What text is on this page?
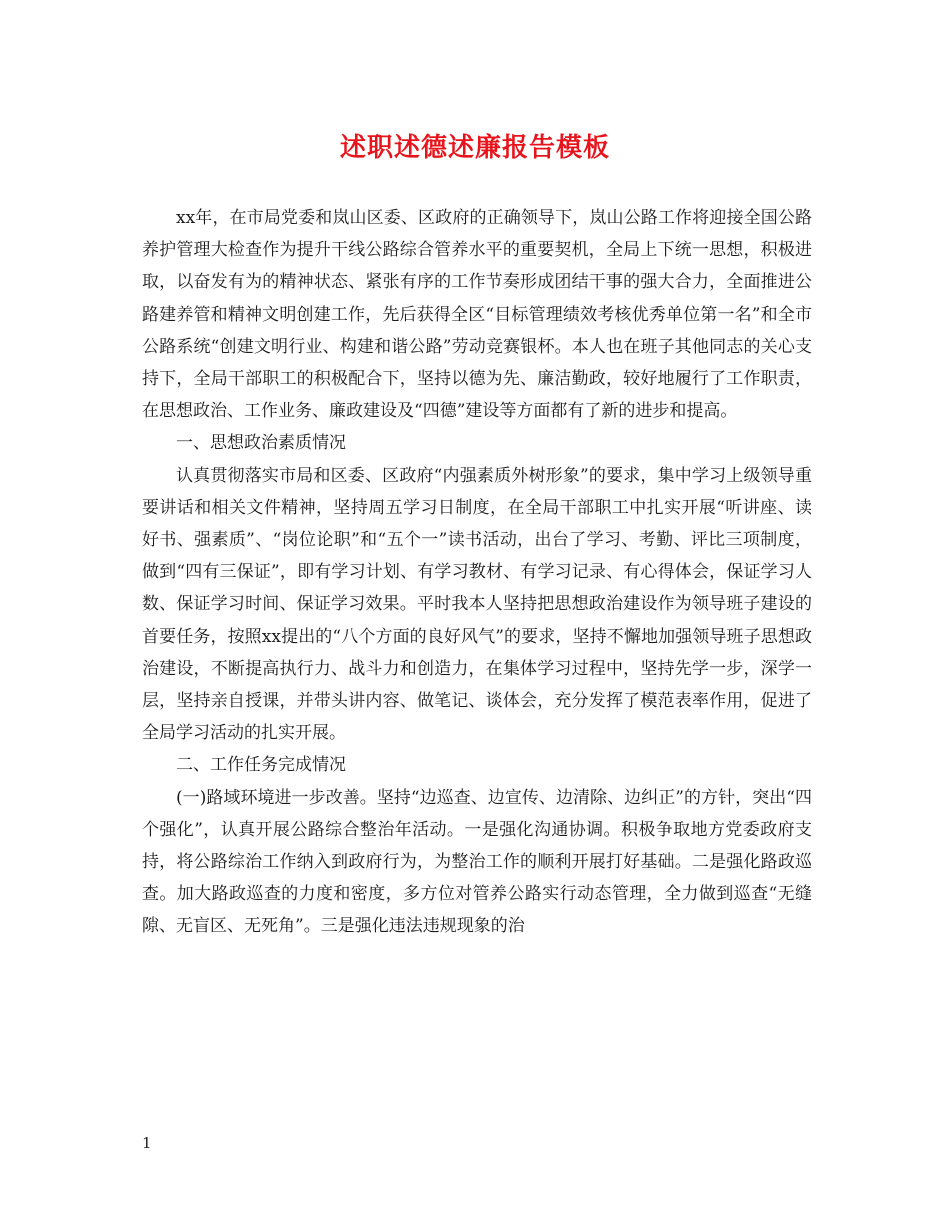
述职述德述廉报告模板

xx年，在市局党委和岚山区委、区政府的正确领导下，岚山公路工作将迎接全国公路养护管理大检查作为提升干线公路综合管养水平的重要契机，全局上下统一思想，积极进取，以奋发有为的精神状态、紧张有序的工作节奏形成团结干事的强大合力，全面推进公路建养管和精神文明创建工作，先后获得全区“目标管理绩效考核优秀单位第一名”和全市公路系统“创建文明行业、构建和谐公路”劳动竞赛银杯。本人也在班子其他同志的关心支持下，全局干部职工的积极配合下，坚持以德为先、廉洁勤政，较好地履行了工作职责，在思想政治、工作业务、廉政建设及“四德”建设等方面都有了新的进步和提高。

一、思想政治素质情况

认真贯彻落实市局和区委、区政府“内强素质外树形象”的要求，集中学习上级领导重要讲话和相关文件精神，坚持周五学习日制度，在全局干部职工中扎实开展“听讲座、读好书、强素质”、“岗位论职”和“五个一”读书活动，出台了学习、考勤、评比三项制度，做到“四有三保证”，即有学习计划、有学习教材、有学习记录、有心得体会，保证学习人数、保证学习时间、保证学习效果。平时我本人坚持把思想政治建设作为领导班子建设的首要任务，按照xx提出的“八个方面的良好风气”的要求，坚持不懈地加强领导班子思想政治建设，不断提高执行力、战斗力和创造力，在集体学习过程中，坚持先学一步，深学一层，坚持亲自授课，并带头讲内容、做笔记、谈体会，充分发挥了模范表率作用，促进了全局学习活动的扎实开展。

二、工作任务完成情况

(一)路域环境进一步改善。坚持“边巡查、边宣传、边清除、边纠正”的方针，突出“四个强化”，认真开展公路综合整治年活动。一是强化沟通协调。积极争取地方党委政府支持，将公路综治工作纳入到政府行为，为整治工作的顺利开展打好基础。二是强化路政巡查。加大路政巡查的力度和密度，多方位对管养公路实行动态管理，全力做到巡查“无缝隙、无盲区、无死角”。三是强化违法违规现象的治

1
